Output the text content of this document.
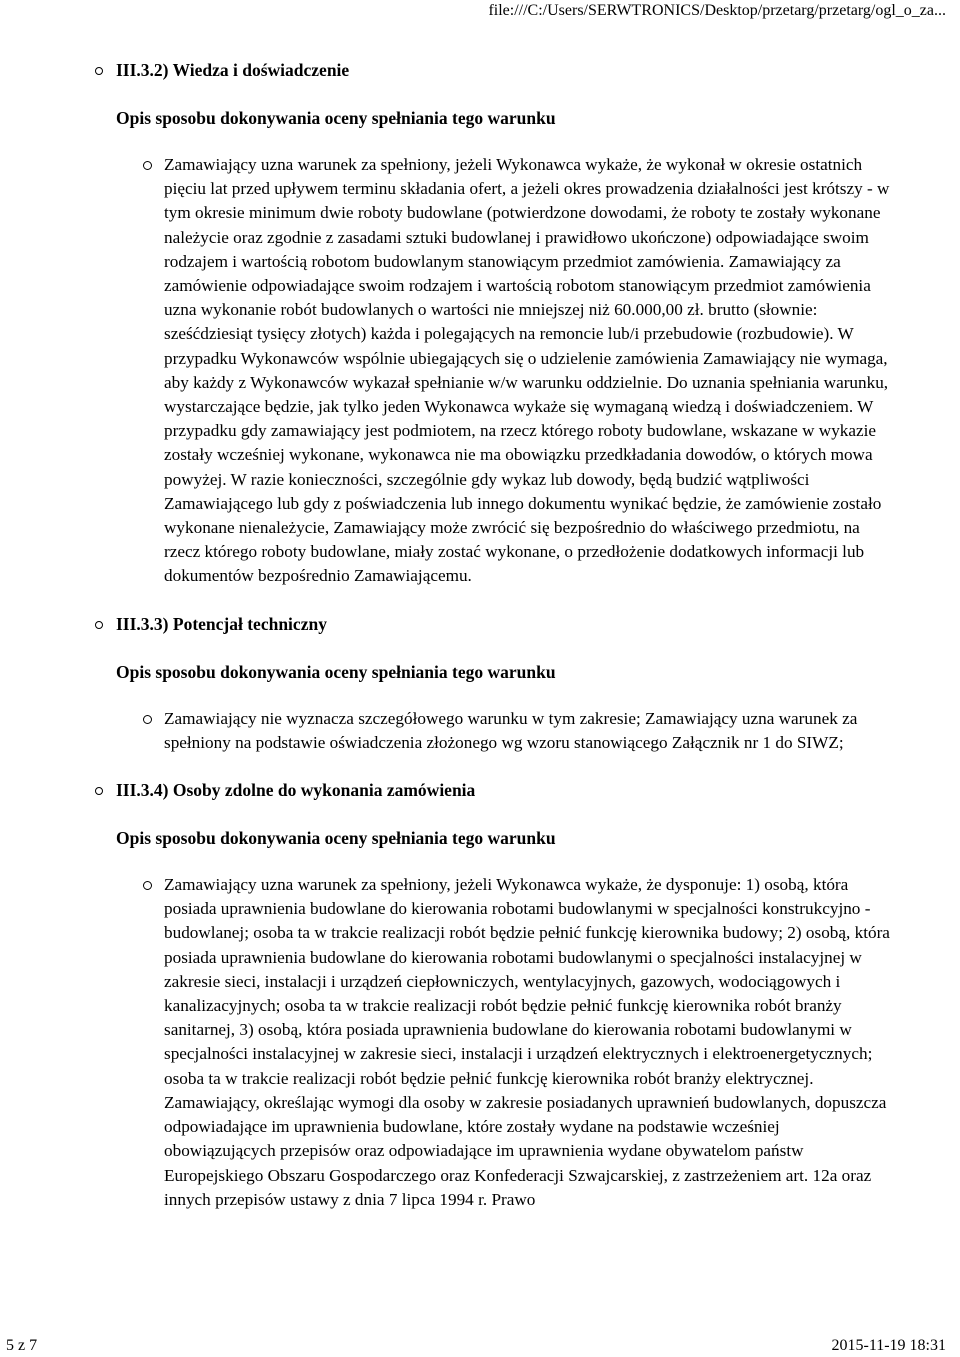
file:///C:/Users/SERWTRONICS/Desktop/przetarg/przetarg/ogl_o_za...
III.3.2) Wiedza i doświadczenie
Opis sposobu dokonywania oceny spełniania tego warunku
Zamawiający uzna warunek za spełniony, jeżeli Wykonawca wykaże, że wykonał w okresie ostatnich pięciu lat przed upływem terminu składania ofert, a jeżeli okres prowadzenia działalności jest krótszy - w tym okresie minimum dwie roboty budowlane (potwierdzone dowodami, że roboty te zostały wykonane należycie oraz zgodnie z zasadami sztuki budowlanej i prawidłowo ukończone) odpowiadające swoim rodzajem i wartością robotom budowlanym stanowiącym przedmiot zamówienia. Zamawiający za zamówienie odpowiadające swoim rodzajem i wartością robotom stanowiącym przedmiot zamówienia uzna wykonanie robót budowlanych o wartości nie mniejszej niż 60.000,00 zł. brutto (słownie: sześćdziesiąt tysięcy złotych) każda i polegających na remoncie lub/i przebudowie (rozbudowie). W przypadku Wykonawców wspólnie ubiegających się o udzielenie zamówienia Zamawiający nie wymaga, aby każdy z Wykonawców wykazał spełnianie w/w warunku oddzielnie. Do uznania spełniania warunku, wystarczające będzie, jak tylko jeden Wykonawca wykaże się wymaganą wiedzą i doświadczeniem. W przypadku gdy zamawiający jest podmiotem, na rzecz którego roboty budowlane, wskazane w wykazie zostały wcześniej wykonane, wykonawca nie ma obowiązku przedkładania dowodów, o których mowa powyżej. W razie konieczności, szczególnie gdy wykaz lub dowody, będą budzić wątpliwości Zamawiającego lub gdy z poświadczenia lub innego dokumentu wynikać będzie, że zamówienie zostało wykonane nienależycie, Zamawiający może zwrócić się bezpośrednio do właściwego przedmiotu, na rzecz którego roboty budowlane, miały zostać wykonane, o przedłożenie dodatkowych informacji lub dokumentów bezpośrednio Zamawiającemu.
III.3.3) Potencjał techniczny
Opis sposobu dokonywania oceny spełniania tego warunku
Zamawiający nie wyznacza szczegółowego warunku w tym zakresie; Zamawiający uzna warunek za spełniony na podstawie oświadczenia złożonego wg wzoru stanowiącego Załącznik nr 1 do SIWZ;
III.3.4) Osoby zdolne do wykonania zamówienia
Opis sposobu dokonywania oceny spełniania tego warunku
Zamawiający uzna warunek za spełniony, jeżeli Wykonawca wykaże, że dysponuje: 1) osobą, która posiada uprawnienia budowlane do kierowania robotami budowlanymi w specjalności konstrukcyjno - budowlanej; osoba ta w trakcie realizacji robót będzie pełnić funkcję kierownika budowy; 2) osobą, która posiada uprawnienia budowlane do kierowania robotami budowlanymi o specjalności instalacyjnej w zakresie sieci, instalacji i urządzeń ciepłowniczych, wentylacyjnych, gazowych, wodociągowych i kanalizacyjnych; osoba ta w trakcie realizacji robót będzie pełnić funkcję kierownika robót branży sanitarnej, 3) osobą, która posiada uprawnienia budowlane do kierowania robotami budowlanymi w specjalności instalacyjnej w zakresie sieci, instalacji i urządzeń elektrycznych i elektroenergetycznych; osoba ta w trakcie realizacji robót będzie pełnić funkcję kierownika robót branży elektrycznej. Zamawiający, określając wymogi dla osoby w zakresie posiadanych uprawnień budowlanych, dopuszcza odpowiadające im uprawnienia budowlane, które zostały wydane na podstawie wcześniej obowiązujących przepisów oraz odpowiadające im uprawnienia wydane obywatelom państw Europejskiego Obszaru Gospodarczego oraz Konfederacji Szwajcarskiej, z zastrzeżeniem art. 12a oraz innych przepisów ustawy z dnia 7 lipca 1994 r. Prawo
5 z 7	2015-11-19 18:31
